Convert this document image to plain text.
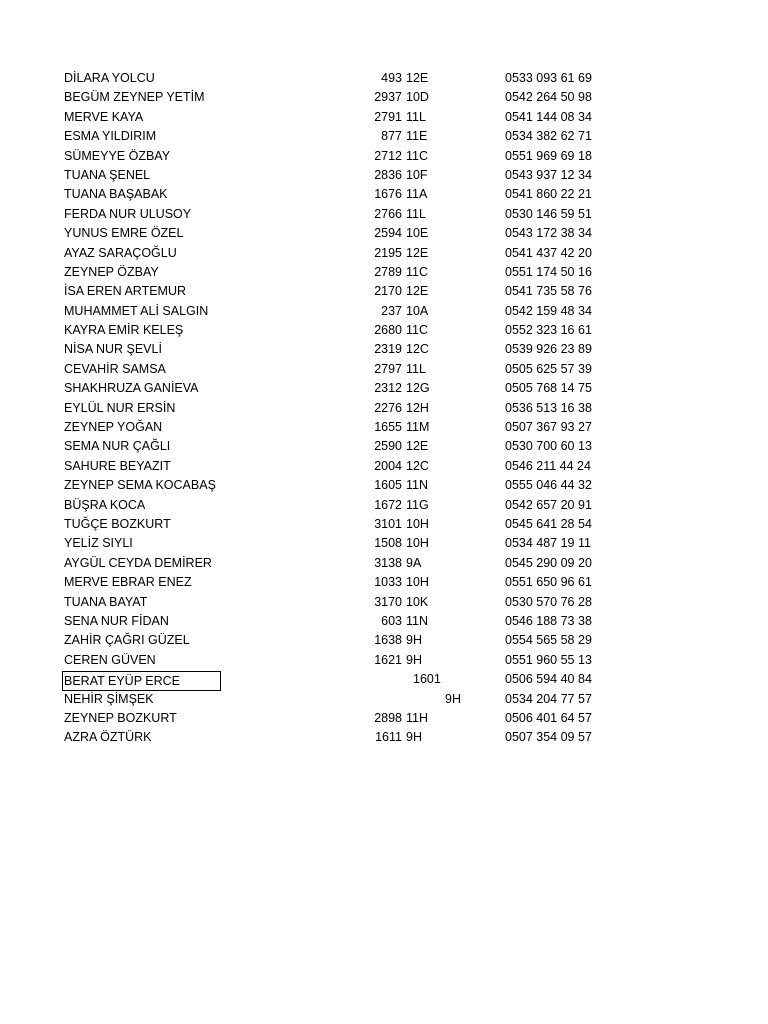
DİLARA YOLCU	493 12E	0533 093 61 69
BEGÜM ZEYNEP YETİM	2937 10D	0542 264 50 98
MERVE KAYA	2791 11L	0541 144 08 34
ESMA YILDIRIM	877 11E	0534 382 62 71
SÜMEYYE ÖZBAY	2712 11C	0551 969 69 18
TUANA ŞENEL	2836 10F	0543 937 12 34
TUANA BAŞABAK	1676 11A	0541 860 22 21
FERDA NUR ULUSOY	2766 11L	0530 146 59 51
YUNUS EMRE ÖZEL	2594 10E	0543 172 38 34
AYAZ SARAÇOĞLU	2195 12E	0541 437 42 20
ZEYNEP ÖZBAY	2789 11C	0551 174 50 16
İSA EREN ARTEMUR	2170 12E	0541 735 58 76
MUHAMMET ALİ SALGIN	237 10A	0542 159 48 34
KAYRA EMİR KELEŞ	2680 11C	0552 323 16 61
NİSA NUR ŞEVLİ	2319 12C	0539 926 23 89
CEVAHİR SAMSA	2797 11L	0505 625 57 39
SHAKHRUZA GANİEVA	2312 12G	0505 768 14 75
EYLÜL NUR ERSİN	2276 12H	0536 513 16 38
ZEYNEP YOĞAN	1655 11M	0507 367 93 27
SEMA NUR ÇAĞLI	2590 12E	0530 700 60 13
SAHURE BEYAZIT	2004 12C	0546 211 44 24
ZEYNEP SEMA KOCABAŞ	1605 11N	0555 046 44 32
BÜŞRA KOCA	1672 11G	0542 657 20 91
TUĞÇE BOZKURT	3101 10H	0545 641 28 54
YELİZ SIYLI	1508 10H	0534 487 19 11
AYGÜL CEYDA DEMİRER	3138 9A	0545 290 09 20
MERVE EBRAR ENEZ	1033 10H	0551 650 96 61
TUANA BAYAT	3170 10K	0530 570 76 28
SENA NUR FİDAN	603 11N	0546 188 73 38
ZAHİR ÇAĞRI GÜZEL	1638 9H	0554 565 58 29
CEREN GÜVEN	1621 9H	0551 960 55 13
BERAT EYÜP ERCE	1601	0506 594 40 84
NEHİR ŞİMŞEK	9H	0534 204 77 57
ZEYNEP BOZKURT	2898 11H	0506 401 64 57
AZRA ÖZTÜRK	1611 9H	0507 354 09 57
